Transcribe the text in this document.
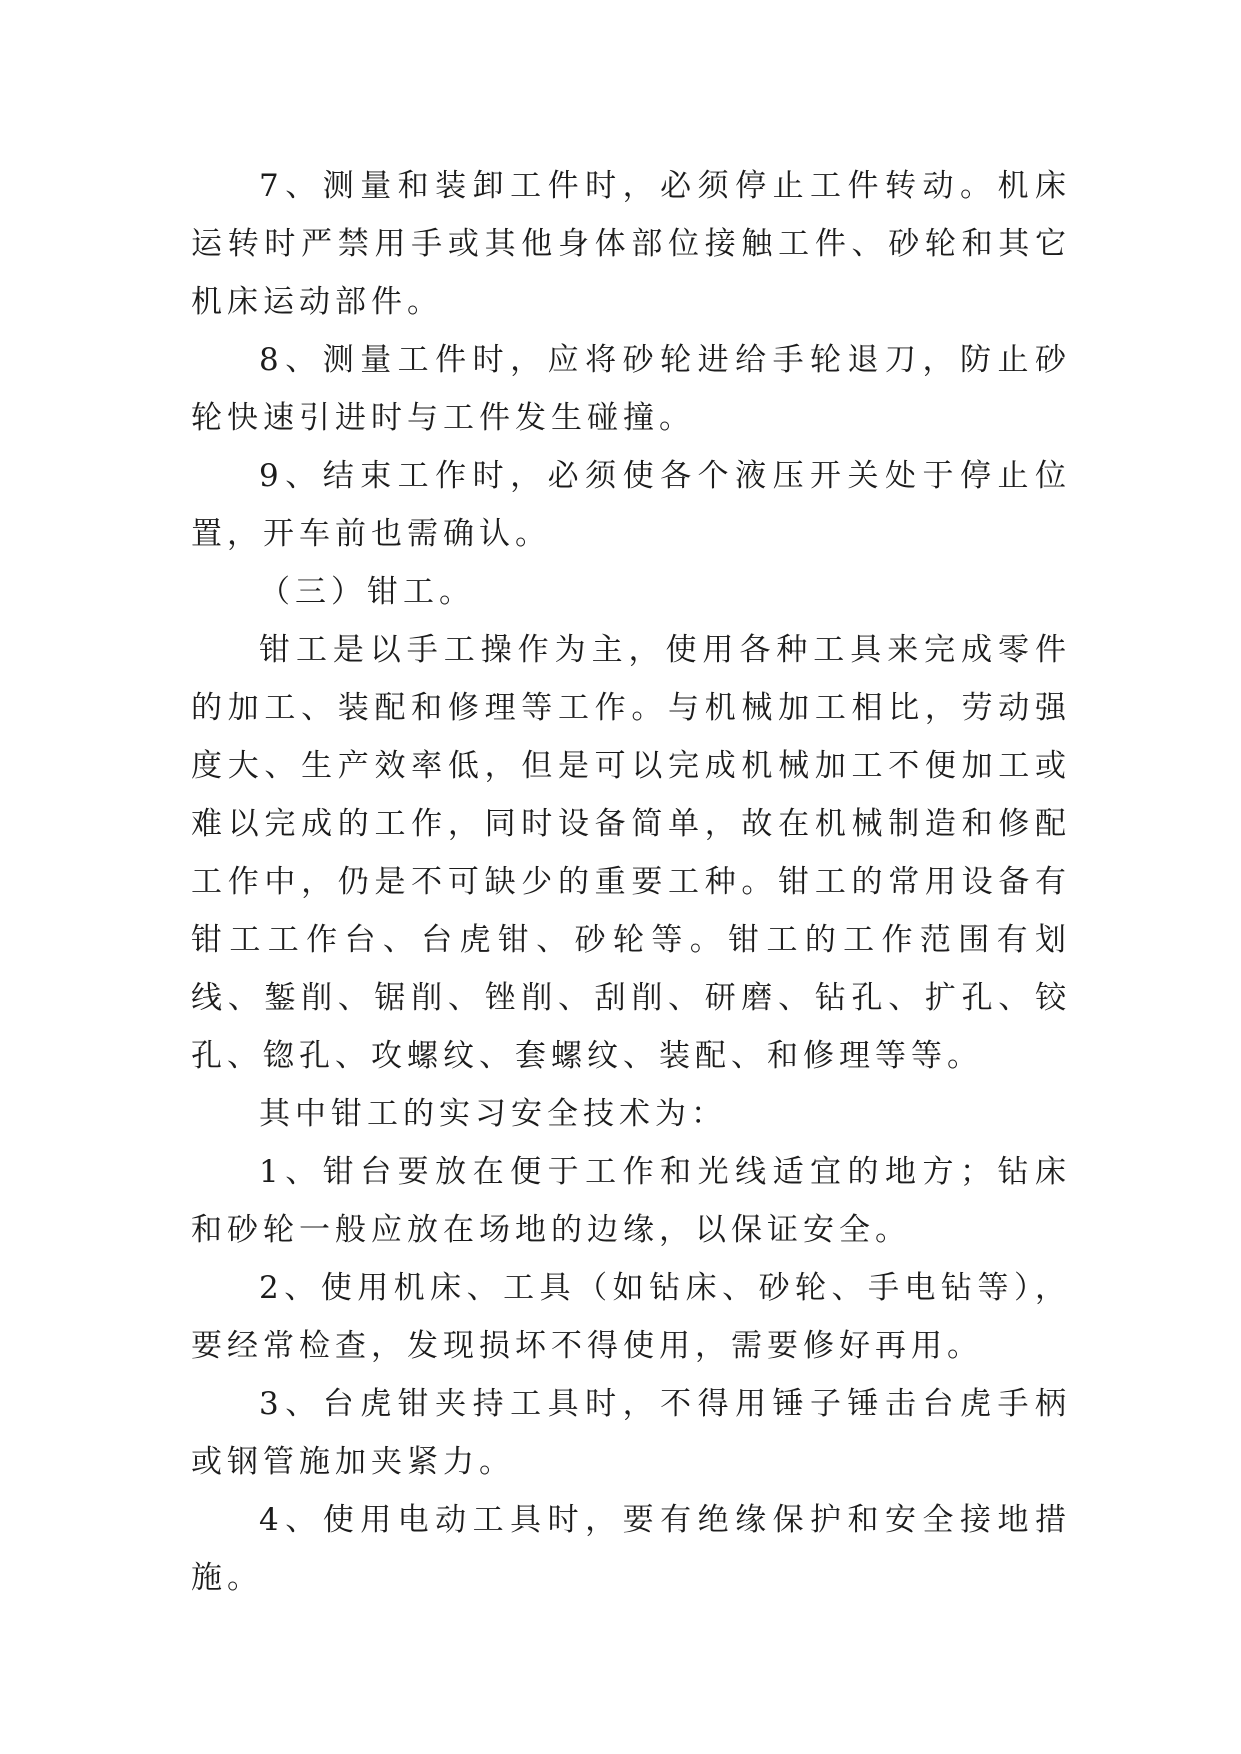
7、测量和装卸工件时，必须停止工件转动。机床运转时严禁用手或其他身体部位接触工件、砂轮和其它机床运动部件。

8、测量工件时，应将砂轮进给手轮退刀，防止砂轮快速引进时与工件发生碰撞。

9、结束工作时，必须使各个液压开关处于停止位置，开车前也需确认。

（三）钳工。

钳工是以手工操作为主，使用各种工具来完成零件的加工、装配和修理等工作。与机械加工相比，劳动强度大、生产效率低，但是可以完成机械加工不便加工或难以完成的工作，同时设备简单，故在机械制造和修配工作中，仍是不可缺少的重要工种。钳工的常用设备有钳工工作台、台虎钳、砂轮等。钳工的工作范围有划线、錾削、锯削、锉削、刮削、研磨、钻孔、扩孔、铰孔、锪孔、攻螺纹、套螺纹、装配、和修理等等。

其中钳工的实习安全技术为：

1、钳台要放在便于工作和光线适宜的地方；钻床和砂轮一般应放在场地的边缘，以保证安全。

2、使用机床、工具（如钻床、砂轮、手电钻等），要经常检查，发现损坏不得使用，需要修好再用。

3、台虎钳夹持工具时，不得用锤子锤击台虎手柄或钢管施加夹紧力。

4、使用电动工具时，要有绝缘保护和安全接地措施。
